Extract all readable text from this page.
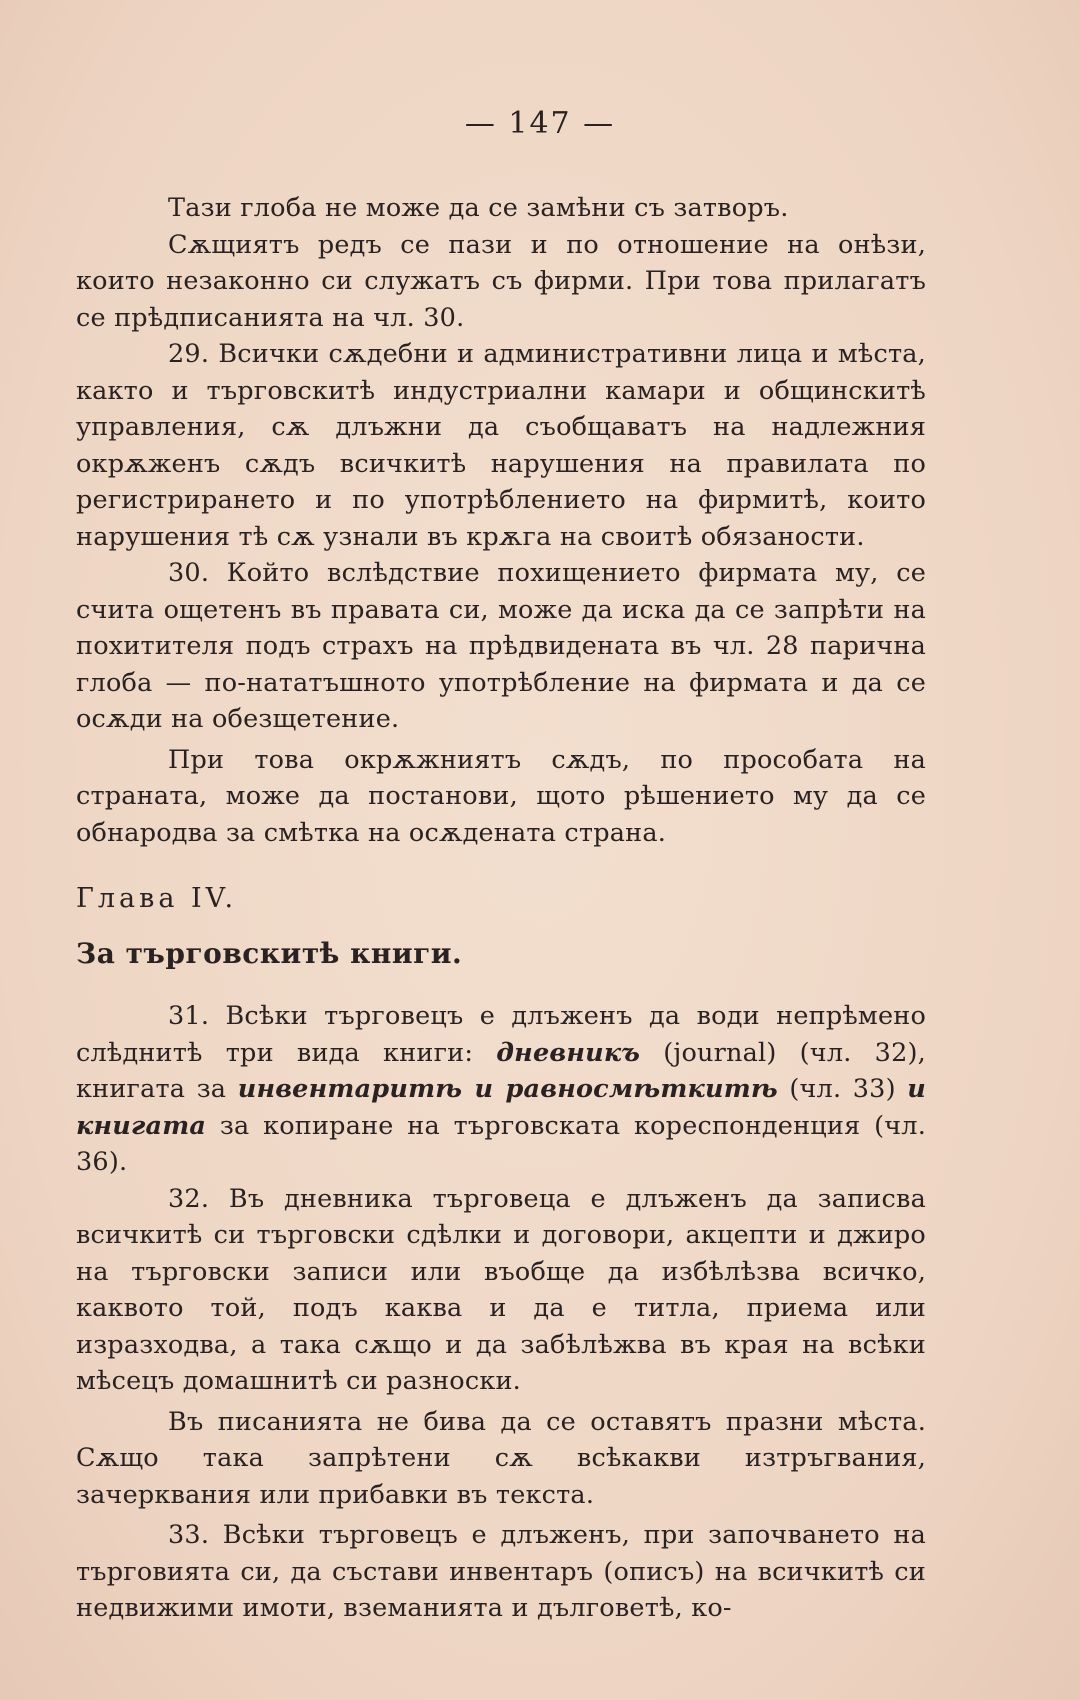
— 147 —

Тази глоба не може да се замѣни съ затворъ.

Сѫщиятъ редъ се пази и по отношение на онѣзи, които незаконно си служатъ съ фирми. При това прилагатъ се прѣдписанията на чл. 30.

29. Всички сѫдебни и административни лица и мѣста, както и търговскитѣ индустриални камари и общинскитѣ управления, сѫ длъжни да съобщаватъ на надлежния окрѫженъ сѫдъ всичкитѣ нарушения на правилата по регистрирането и по употрѣблението на фирмитѣ, които нарушения тѣ сѫ узнали въ крѫга на своитѣ обязаности.

30. Който вслѣдствие похищението фирмата му, се счита ощетенъ въ правата си, може да иска да се запрѣти на похитителя подъ страхъ на прѣдвидената въ чл. 28 парична глоба — по-нататъшното употрѣбление на фирмата и да се осѫди на обезщетение.

При това окрѫжниятъ сѫдъ, по прособата на страната, може да постанови, щото рѣшението му да се обнародва за смѣтка на осѫдената страна.

Глава IV.

За търговскитѣ книги.

31. Всѣки търговецъ е длъженъ да води непрѣмено слѣднитѣ три вида книги: дневникъ (journal) (чл. 32), книгата за инвентаритѣ и равносмѣткитѣ (чл. 33) и книгата за копиране на търговската кореспонденция (чл. 36).

32. Въ дневника търговеца е длъженъ да записва всичкитѣ си търговски сдѣлки и договори, акцепти и джиро на търговски записи или въобще да избѣлѣзва всичко, каквото той, подъ каква и да е титла, приема или изразходва, а така сѫщо и да забѣлѣжва въ края на всѣки мѣсецъ домашнитѣ си разноски.

Въ писанията не бива да се оставятъ празни мѣста. Сѫщо така запрѣтени сѫ всѣкакви изтръгвания, зачерквания или прибавки въ текста.

33. Всѣки търговецъ е длъженъ, при започването на търговията си, да състави инвентаръ (описъ) на всичкитѣ си недвижими имоти, вземанията и дълговетѣ, ко-
